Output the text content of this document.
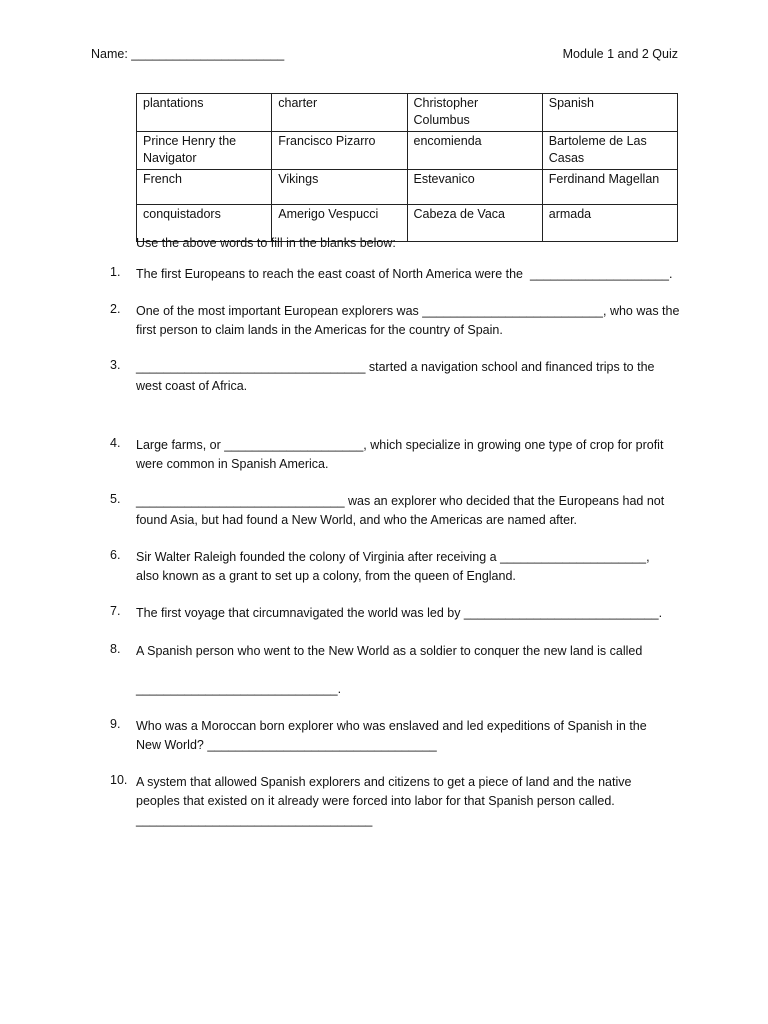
Name: ______________________	Module 1 and 2 Quiz
plantations	charter	Christopher Columbus	Spanish
Prince Henry the Navigator	Francisco Pizarro	encomienda	Bartoleme de Las Casas
French	Vikings	Estevanico	Ferdinand Magellan
conquistadors	Amerigo Vespucci	Cabeza de Vaca	armada
Use the above words to fill in the blanks below:
1. The first Europeans to reach the east coast of North America were the  ____________________.
2. One of the most important European explorers was __________________________, who was the
first person to claim lands in the Americas for the country of Spain.
3. _________________________________ started a navigation school and financed trips to the
west coast of Africa.
4. Large farms, or ____________________, which specialize in growing one type of crop for profit
were common in Spanish America.
5. ______________________________ was an explorer who decided that the Europeans had not
found Asia, but had found a New World, and who the Americas are named after.
6. Sir Walter Raleigh founded the colony of Virginia after receiving a _____________________,
also known as a grant to set up a colony, from the queen of England.
7. The first voyage that circumnavigated the world was led by ____________________________.
8. A Spanish person who went to the New World as a soldier to conquer the new land is called

_____________________________.
9. Who was a Moroccan born explorer who was enslaved and led expeditions of Spanish in the
New World? _________________________________
10. A system that allowed Spanish explorers and citizens to get a piece of land and the native
peoples that existed on it already were forced into labor for that Spanish person called.
__________________________________
